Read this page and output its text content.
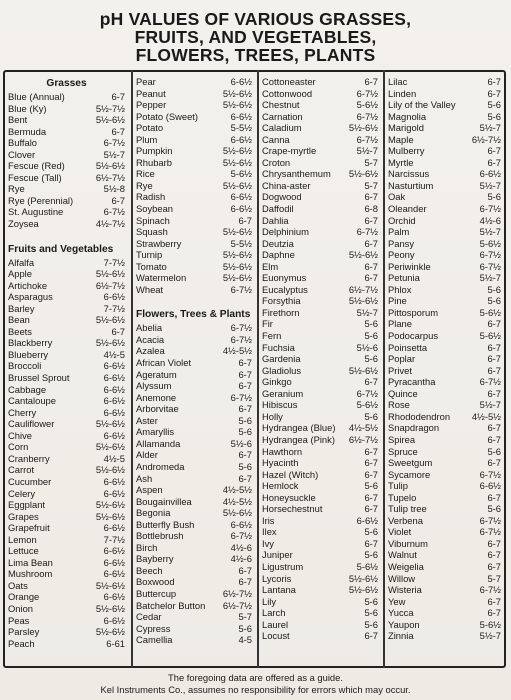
pH VALUES OF VARIOUS GRASSES,
FRUITS, AND VEGETABLES,
FLOWERS, TREES, PLANTS
Grasses
Blue (Annual)	6-7
Blue (Ky)	5½-7½
Bent	5½-6½
Bermuda	6-7
Buffalo	6-7½
Clover	5½-7
Fescue (Red)	5½-6½
Fescue (Tall)	6½-7½
Rye	5½-8
Rye (Perennial)	6-7
St. Augustine	6-7½
Zoysea	4½-7½
Fruits and Vegetables
Alfalfa	7-7½
Apple	5½-6½
Artichoke	6½-7½
Asparagus	6-6½
Barley	7-7½
Bean	5½-6½
Beets	6-7
Blackberry	5½-6½
Blueberry	4½-5
Broccoli	6-6½
Brussel Sprout	6-6½
Cabbage	6-6½
Cantaloupe	6-6½
Cherry	6-6½
Cauliflower	5½-6½
Chive	6-6½
Corn	5½-6½
Cranberry	4½-5
Carrot	5½-6½
Cucumber	6-6½
Celery	6-6½
Eggplant	5½-6½
Grapes	5½-6½
Grapefruit	6-6½
Lemon	7-7½
Lettuce	6-6½
Lima Bean	6-6½
Mushroom	6-6½
Oats	5½-6½
Orange	6-6½
Onion	5½-6½
Peas	6-6½
Parsley	5½-6½
Peach	6-61
Pear	6-6½
Peanut	5½-6½
Pepper	5½-6½
Potato (Sweet)	6-6½
Potato	5-5½
Plum	6-6½
Pumpkin	5½-6½
Rhubarb	5½-6½
Rice	5-6½
Rye	5½-6½
Radish	6-6½
Soybean	6-6½
Spinach	6-7
Squash	5½-6½
Strawberry	5-5½
Turnip	5½-6½
Tomato	5½-6½
Watermelon	5½-6½
Wheat	6-7½
Flowers, Trees & Plants
Abelia	6-7½
Acacia	6-7½
Azalea	4½-5½
African Violet	6-7
Ageratum	6-7
Alyssum	6-7
Anemone	6-7½
Arborvitae	6-7
Aster	5-6
Amaryllis	5-6
Allamanda	5½-6
Alder	6-7
Andromeda	5-6
Ash	6-7
Aspen	4½-5½
Bougainvillea	4½-5½
Begonia	5½-6½
Butterfly Bush	6-6½
Bottlebrush	6-7½
Birch	4½-6
Bayberry	4½-6
Beech	6-7
Boxwood	6-7
Buttercup	6½-7½
Batchelor Button 6½-7½
Cedar	5-7
Cypress	5-6
Camellia	4-5
Cottoneaster	6-7
Cottonwood	6-7½
Chestnut	5-6½
Carnation	6-7½
Caladium	5½-6½
Canna	6-7½
Crape-myrtle	5½-7
Croton	5-7
Chrysanthemum 5½-6½
China-aster	5-7
Dogwood	6-7
Daffodil	6-8
Dahlia	6-7
Delphinium	6-7½
Deutzia	6-7
Daphne	5½-6½
Elm	6-7
Euonymus	6-7
Eucalyptus	6½-7½
Forsythia	5½-6½
Firethorn	5½-7
Fir	5-6
Fern	5-6
Fuchsia	5½-6
Gardenia	5-6
Gladiolus	5½-6½
Ginkgo	6-7
Geranium	6-7½
Hibiscus	5-6½
Holly	5-6
Hydrangea (Blue) 4½-5½
Hydrangea (Pink) 6½-7½
Hawthorn	6-7
Hyacinth	6-7
Hazel (Witch)	6-7
Hemlock	5-6
Honeysuckle	6-7
Horsechestnut	6-7
Iris	6-6½
Ilex	5-6
Ivy	6-7
Juniper	5-6
Ligustrum	5-6½
Lycoris	5½-6½
Lantana	5½-6½
Lily	5-6
Larch	5-6
Laurel	5-6
Locust	6-7
Lilac	6-7
Linden	6-7
Lily of the Valley	5-6
Magnolia	5-6
Marigold	5½-7
Maple	6½-7½
Mulberry	6-7
Myrtle	6-7
Narcissus	6-6½
Nasturtium	5½-7
Oak	5-6
Oleander	6-7½
Orchid	4½-6
Palm	5½-7
Pansy	5-6½
Peony	6-7½
Periwinkle	6-7½
Petunia	5½-7
Phlox	5-6
Pine	5-6
Pittosporum	5-6½
Plane	6-7
Podocarpus	5-6½
Poinsetta	6-7
Poplar	6-7
Privet	6-7
Pyracantha	6-7½
Quince	6-7
Rose	5½-7
Rhododendron 4½-5½
Snapdragon	6-7
Spirea	6-7
Spruce	5-6
Sweetgum	6-7
Sycamore	6-7½
Tulip	6-6½
Tupelo	6-7
Tulip tree	5-6
Verbena	6-7½
Violet	6-7½
Viburnum	6-7
Walnut	6-7
Weigelia	6-7
Willow	5-7
Wisteria	6-7½
Yew	6-7
Yucca	6-7
Yaupon	5-6½
Zinnia	5½-7
The foregoing data are offered as a guide.
Kel Instruments Co., assumes no responsibility for errors which may occur.
